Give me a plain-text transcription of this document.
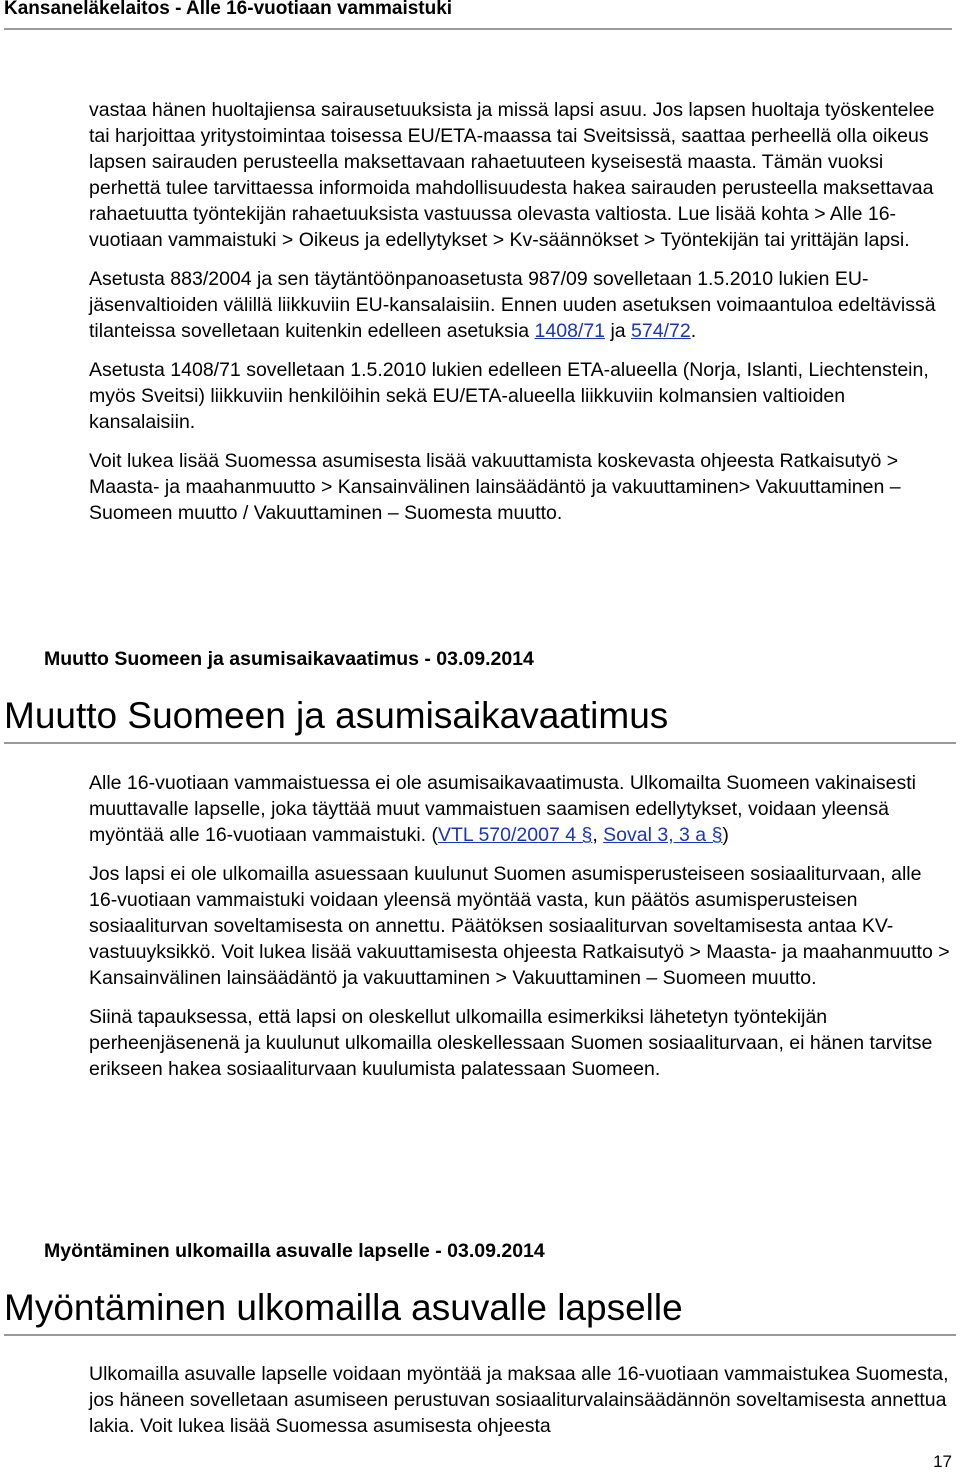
Kansaneläkelaitos - Alle 16-vuotiaan vammaistuki

vastaa hänen huoltajiensa sairausetuuksista ja missä lapsi asuu. Jos lapsen huoltaja työskentelee tai harjoittaa yritystoimintaa toisessa EU/ETA-maassa tai Sveitsissä, saattaa perheellä olla oikeus lapsen sairauden perusteella maksettavaan rahaetuuteen kyseisestä maasta. Tämän vuoksi perhettä tulee tarvittaessa informoida mahdollisuudesta hakea sairauden perusteella maksettavaa rahaetuutta työntekijän rahaetuuksista vastuussa olevasta valtiosta. Lue lisää kohta > Alle 16-vuotiaan vammaistuki > Oikeus ja edellytykset > Kv-säännökset > Työntekijän tai yrittäjän lapsi.

Asetusta 883/2004 ja sen täytäntöönpanoasetusta 987/09 sovelletaan 1.5.2010 lukien EU-jäsenvaltioiden välillä liikkuviin EU-kansalaisiin. Ennen uuden asetuksen voimaantuloa edeltävissä tilanteissa sovelletaan kuitenkin edelleen asetuksia 1408/71 ja 574/72.

Asetusta 1408/71 sovelletaan 1.5.2010 lukien edelleen ETA-alueella (Norja, Islanti, Liechtenstein, myös Sveitsi) liikkuviin henkilöihin sekä EU/ETA-alueella liikkuviin kolmansien valtioiden kansalaisiin.

Voit lukea lisää Suomessa asumisesta lisää vakuuttamista koskevasta ohjeesta Ratkaisutyö > Maasta- ja maahanmuutto > Kansainvälinen lainsäädäntö ja vakuuttaminen> Vakuuttaminen – Suomeen muutto / Vakuuttaminen – Suomesta muutto.

Muutto Suomeen ja asumisaikavaatimus - 03.09.2014
Muutto Suomeen ja asumisaikavaatimus

Alle 16-vuotiaan vammaistuessa ei ole asumisaikavaatimusta. Ulkomailta Suomeen vakinaisesti muuttavalle lapselle, joka täyttää muut vammaistuen saamisen edellytykset, voidaan yleensä myöntää alle 16-vuotiaan vammaistuki. (VTL 570/2007 4 §, Soval 3, 3 a §)

Jos lapsi ei ole ulkomailla asuessaan kuulunut Suomen asumisperusteiseen sosiaaliturvaan, alle 16-vuotiaan vammaistuki voidaan yleensä myöntää vasta, kun päätös asumisperusteisen sosiaaliturvan soveltamisesta on annettu. Päätöksen sosiaaliturvan soveltamisesta antaa KV-vastuuyksikkö. Voit lukea lisää vakuuttamisesta ohjeesta Ratkaisutyö > Maasta- ja maahanmuutto > Kansainvälinen lainsäädäntö ja vakuuttaminen > Vakuuttaminen – Suomeen muutto.

Siinä tapauksessa, että lapsi on oleskellut ulkomailla esimerkiksi lähetetyn työntekijän perheenjäsenenä ja kuulunut ulkomailla oleskellessaan Suomen sosiaaliturvaan, ei hänen tarvitse erikseen hakea sosiaaliturvaan kuulumista palatessaan Suomeen.

Myöntäminen ulkomailla asuvalle lapselle - 03.09.2014
Myöntäminen ulkomailla asuvalle lapselle

Ulkomailla asuvalle lapselle voidaan myöntää ja maksaa alle 16-vuotiaan vammaistukea Suomesta, jos häneen sovelletaan asumiseen perustuvan sosiaaliturvalainsäädännön soveltamisesta annettua lakia. Voit lukea lisää Suomessa asumisesta ohjeesta

17
